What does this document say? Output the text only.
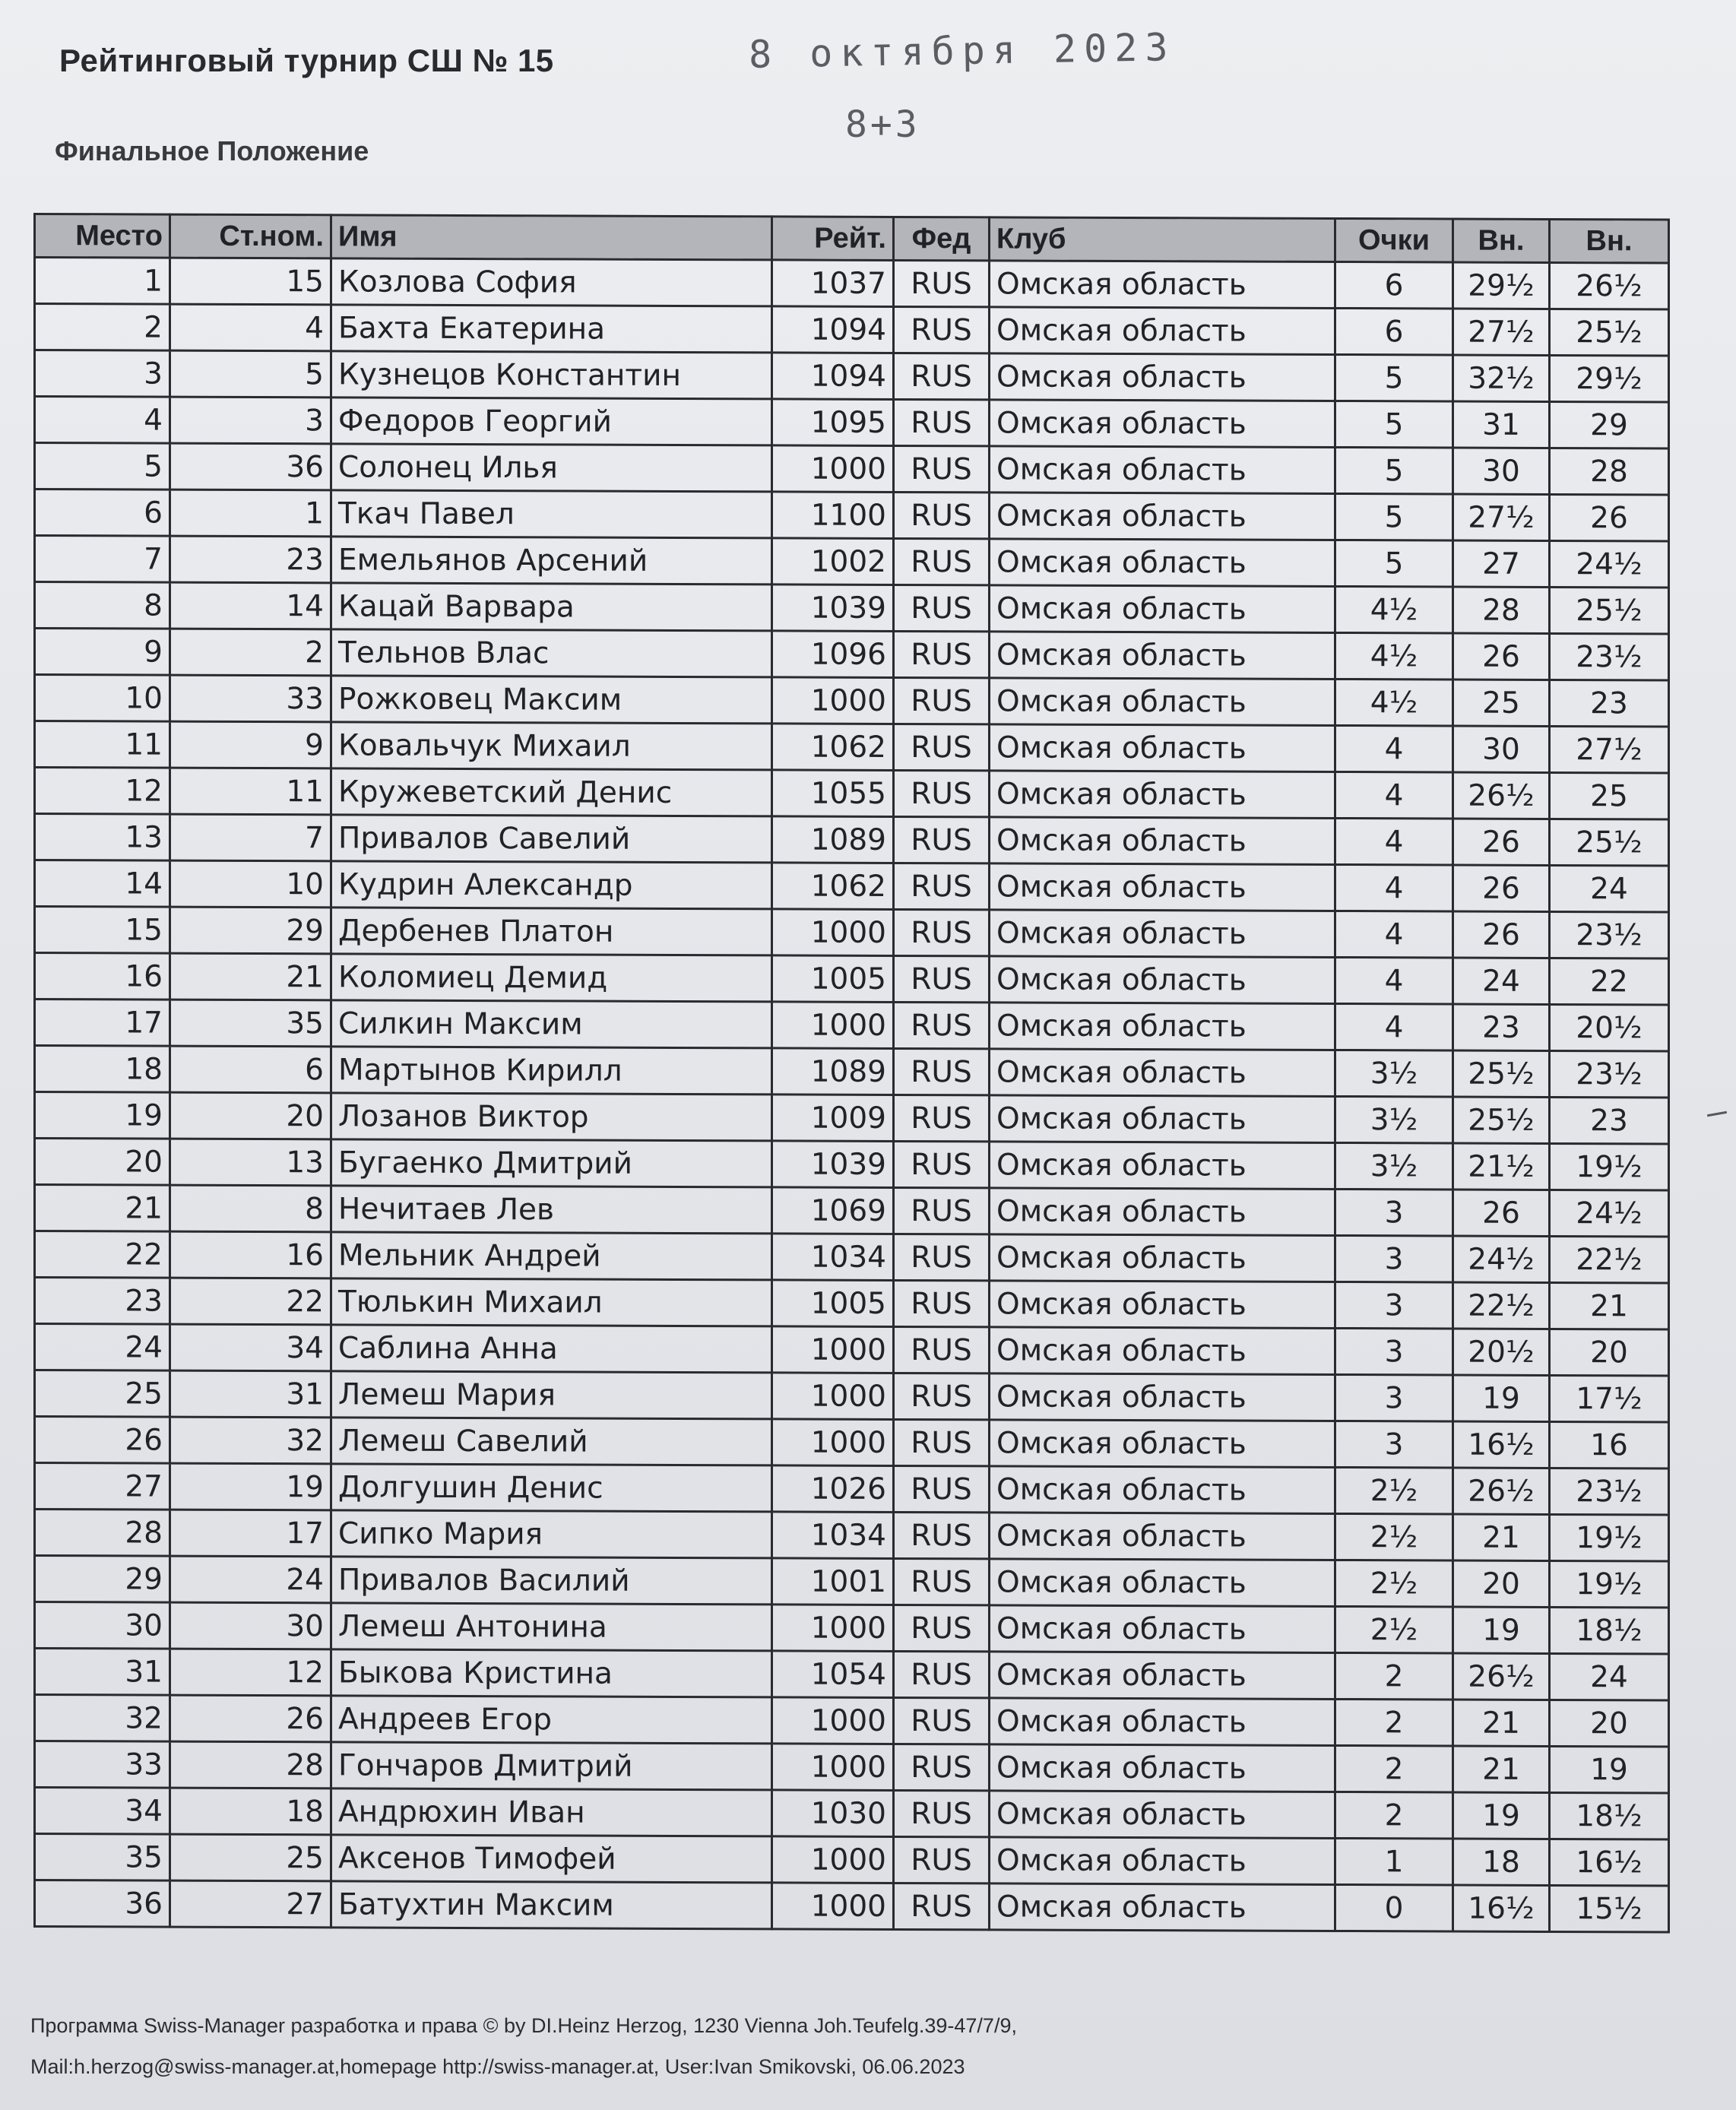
Рейтинговый турнир СШ № 15	8 октября 2023
8+3
Финальное Положение
Место	Ст.ном.	Имя	Рейт.	Фед	Клуб	Очки	Вн.	Вн.
1	15	Козлова София	1037	RUS	Омская область	6	29½	26½
2	4	Бахта Екатерина	1094	RUS	Омская область	6	27½	25½
3	5	Кузнецов Константин	1094	RUS	Омская область	5	32½	29½
4	3	Федоров Георгий	1095	RUS	Омская область	5	31	29
5	36	Солонец Илья	1000	RUS	Омская область	5	30	28
6	1	Ткач Павел	1100	RUS	Омская область	5	27½	26
7	23	Емельянов Арсений	1002	RUS	Омская область	5	27	24½
8	14	Кацай Варвара	1039	RUS	Омская область	4½	28	25½
9	2	Тельнов Влас	1096	RUS	Омская область	4½	26	23½
10	33	Рожковец Максим	1000	RUS	Омская область	4½	25	23
11	9	Ковальчук Михаил	1062	RUS	Омская область	4	30	27½
12	11	Кружеветский Денис	1055	RUS	Омская область	4	26½	25
13	7	Привалов Савелий	1089	RUS	Омская область	4	26	25½
14	10	Кудрин Александр	1062	RUS	Омская область	4	26	24
15	29	Дербенев Платон	1000	RUS	Омская область	4	26	23½
16	21	Коломиец Демид	1005	RUS	Омская область	4	24	22
17	35	Силкин Максим	1000	RUS	Омская область	4	23	20½
18	6	Мартынов Кирилл	1089	RUS	Омская область	3½	25½	23½
19	20	Лозанов Виктор	1009	RUS	Омская область	3½	25½	23
20	13	Бугаенко Дмитрий	1039	RUS	Омская область	3½	21½	19½
21	8	Нечитаев Лев	1069	RUS	Омская область	3	26	24½
22	16	Мельник Андрей	1034	RUS	Омская область	3	24½	22½
23	22	Тюлькин Михаил	1005	RUS	Омская область	3	22½	21
24	34	Саблина Анна	1000	RUS	Омская область	3	20½	20
25	31	Лемеш Мария	1000	RUS	Омская область	3	19	17½
26	32	Лемеш Савелий	1000	RUS	Омская область	3	16½	16
27	19	Долгушин Денис	1026	RUS	Омская область	2½	26½	23½
28	17	Сипко Мария	1034	RUS	Омская область	2½	21	19½
29	24	Привалов Василий	1001	RUS	Омская область	2½	20	19½
30	30	Лемеш Антонина	1000	RUS	Омская область	2½	19	18½
31	12	Быкова Кристина	1054	RUS	Омская область	2	26½	24
32	26	Андреев Егор	1000	RUS	Омская область	2	21	20
33	28	Гончаров Дмитрий	1000	RUS	Омская область	2	21	19
34	18	Андрюхин Иван	1030	RUS	Омская область	2	19	18½
35	25	Аксенов Тимофей	1000	RUS	Омская область	1	18	16½
36	27	Батухтин Максим	1000	RUS	Омская область	0	16½	15½
Программа Swiss-Manager разработка и права © by DI.Heinz Herzog, 1230 Vienna Joh.Teufelg.39-47/7/9,
Mail:h.herzog@swiss-manager.at,homepage http://swiss-manager.at, User:Ivan Smikovski, 06.06.2023
